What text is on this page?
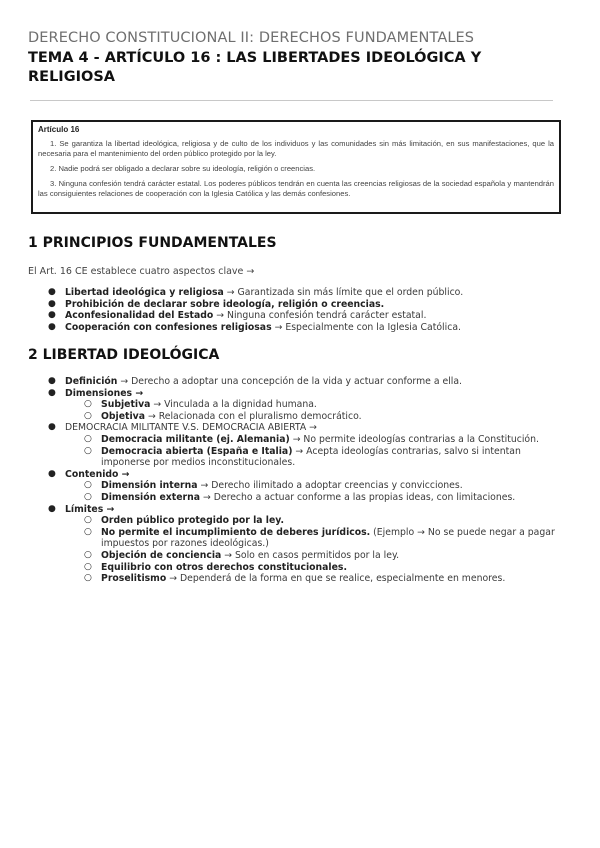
DERECHO CONSTITUCIONAL II: DERECHOS FUNDAMENTALES
TEMA 4 - ARTÍCULO 16 : LAS LIBERTADES IDEOLÓGICA Y RELIGIOSA
Artículo 16

1. Se garantiza la libertad ideológica, religiosa y de culto de los individuos y las comunidades sin más limitación, en sus manifestaciones, que la necesaria para el mantenimiento del orden público protegido por la ley.

2. Nadie podrá ser obligado a declarar sobre su ideología, religión o creencias.

3. Ninguna confesión tendrá carácter estatal. Los poderes públicos tendrán en cuenta las creencias religiosas de la sociedad española y mantendrán las consiguientes relaciones de cooperación con la Iglesia Católica y las demás confesiones.

1 PRINCIPIOS FUNDAMENTALES
El Art. 16 CE establece cuatro aspectos clave →
● Libertad ideológica y religiosa → Garantizada sin más límite que el orden público.
● Prohibición de declarar sobre ideología, religión o creencias.
● Aconfesionalidad del Estado → Ninguna confesión tendrá carácter estatal.
● Cooperación con confesiones religiosas → Especialmente con la Iglesia Católica.
2 LIBERTAD IDEOLÓGICA
● Definición → Derecho a adoptar una concepción de la vida y actuar conforme a ella.
● Dimensiones →
○ Subjetiva → Vinculada a la dignidad humana.
○ Objetiva → Relacionada con el pluralismo democrático.
● DEMOCRACIA MILITANTE V.S. DEMOCRACIA ABIERTA →
○ Democracia militante (ej. Alemania) → No permite ideologías contrarias a la Constitución.
○ Democracia abierta (España e Italia) → Acepta ideologías contrarias, salvo si intentan imponerse por medios inconstitucionales.
● Contenido →
○ Dimensión interna → Derecho ilimitado a adoptar creencias y convicciones.
○ Dimensión externa → Derecho a actuar conforme a las propias ideas, con limitaciones.
● Límites →
○ Orden público protegido por la ley.
○ No permite el incumplimiento de deberes jurídicos. (Ejemplo → No se puede negar a pagar impuestos por razones ideológicas.)
○ Objeción de conciencia → Solo en casos permitidos por la ley.
○ Equilibrio con otros derechos constitucionales.
○ Proselitismo → Dependerá de la forma en que se realice, especialmente en menores.
